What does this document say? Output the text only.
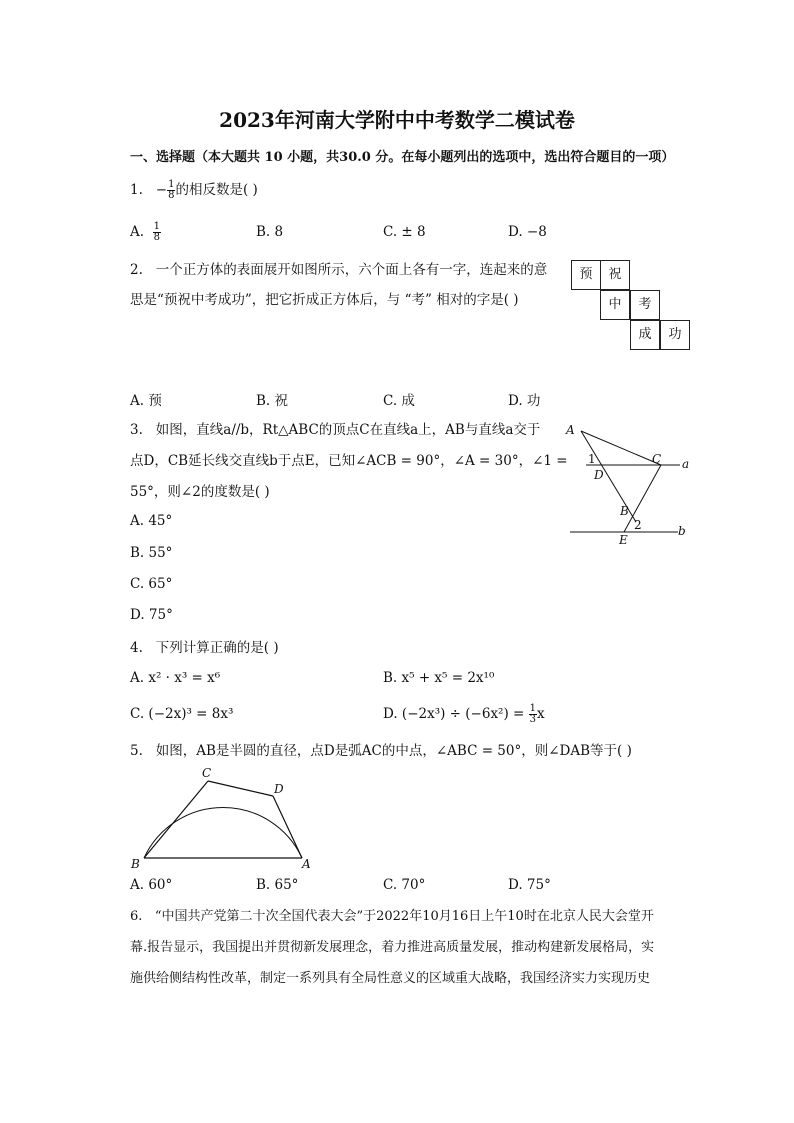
2023年河南大学附中中考数学二模试卷
一、选择题（本大题共 10 小题，共30.0 分。在每小题列出的选项中，选出符合题目的一项）
1. − $\frac{1}{8}$ 的相反数是( )
A. $\frac{1}{8}$	B. 8	C. ± 8	D. −8
2. 一个正方体的表面展开如图所示，六个面上各有一字，连起来的意
思是“预祝中考成功”，把它折成正方体后，与 “考” 相对的字是( )
预	祝
中	考
成	功
A. 预	B. 祝	C. 成	D. 功
3. 如图，直线a//b，Rt△ABC的顶点C在直线a上，AB与直线a交于
点D，CB延长线交直线b于点E，已知∠ACB = 90°，∠A = 30°，∠1 =
55°，则∠2的度数是( )
A. 45°
B. 55°
C. 65°
D. 75°
A
C a
1
D
B
2
E
b
4. 下列计算正确的是( )
A. x² · x³ = x⁶	B. x⁵ + x⁵ = 2x¹⁰
C. (−2x)³ = 8x³	D. $(-2x^3) \div (-6x^2) = \frac{1}{3}$ x
5. 如图，AB是半圆的直径，点D是弧AC的中点，∠ABC = 50°，则∠DAB等于( )
C
D
B	A
A. 60°	B. 65°	C. 70°	D. 75°
6. “中国共产党第二十次全国代表大会”于2022年10月16日上午10时在北京人民大会堂开
幕.报告显示，我国提出并贯彻新发展理念，着力推进高质量发展，推动构建新发展格局，实
施供给侧结构性改革，制定一系列具有全局性意义的区域重大战略，我国经济实力实现历史
